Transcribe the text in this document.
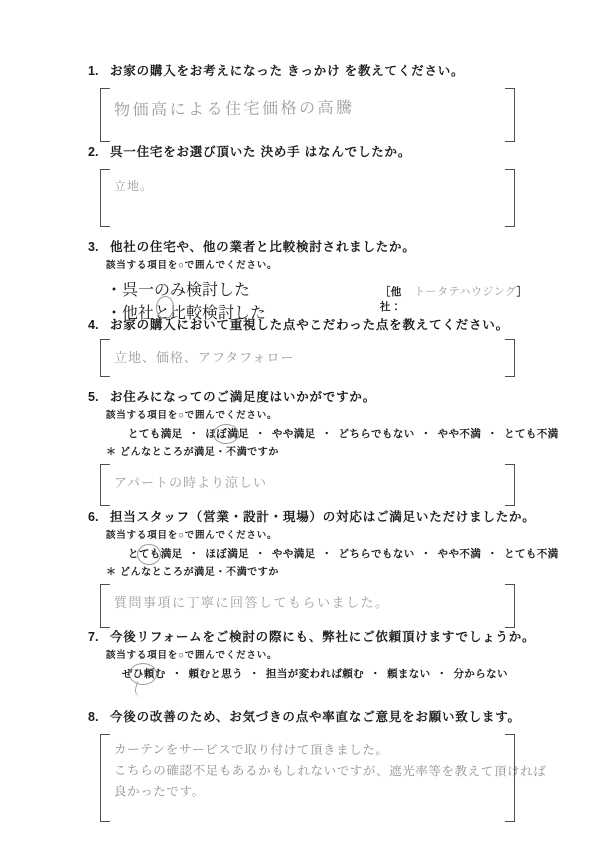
1. お家の購入をお考えになった きっかけ を教えてください。
物価高による住宅価格の高騰
2. 呉一住宅をお選び頂いた 決め手 はなんでしたか。
立地。
3. 他社の住宅や、他の業者と比較検討されましたか。
該当する項目を○で囲んでください。
・呉一のみ検討した・他社と比較検討した
［他社：
トータテハウジング ］
4. お家の購入において重視した点やこだわった点を教えてください。
立地、価格、アフタフォロー
5. お住みになってのご満足度はいかがですか。
該当する項目を○で囲んでください。
とても満足 ・ ほぼ満足 ・ やや満足 ・ どちらでもない ・ やや不満 ・ とても不満
＊ どんなところが満足・不満ですか
アパートの時より涼しい
6. 担当スタッフ（営業・設計・現場）の対応はご満足いただけましたか。
該当する項目を○で囲んでください。
とても満足 ・ ほぼ満足 ・ やや満足 ・ どちらでもない ・ やや不満 ・ とても不満
＊ どんなところが満足・不満ですか
質問事項に丁寧に回答してもらいました。
7. 今後リフォームをご検討の際にも、弊社にご依頼頂けますでしょうか。
該当する項目を○で囲んでください。
ぜひ頼む ・ 頼むと思う ・ 担当が変われば頼む ・ 頼まない ・ 分からない
8. 今後の改善のため、お気づきの点や率直なご意見をお願い致します。
カーテンをサービスで取り付けて頂きました。
こちらの確認不足もあるかもしれないですが、遮光率等を教えて頂ければ
良かったです。
